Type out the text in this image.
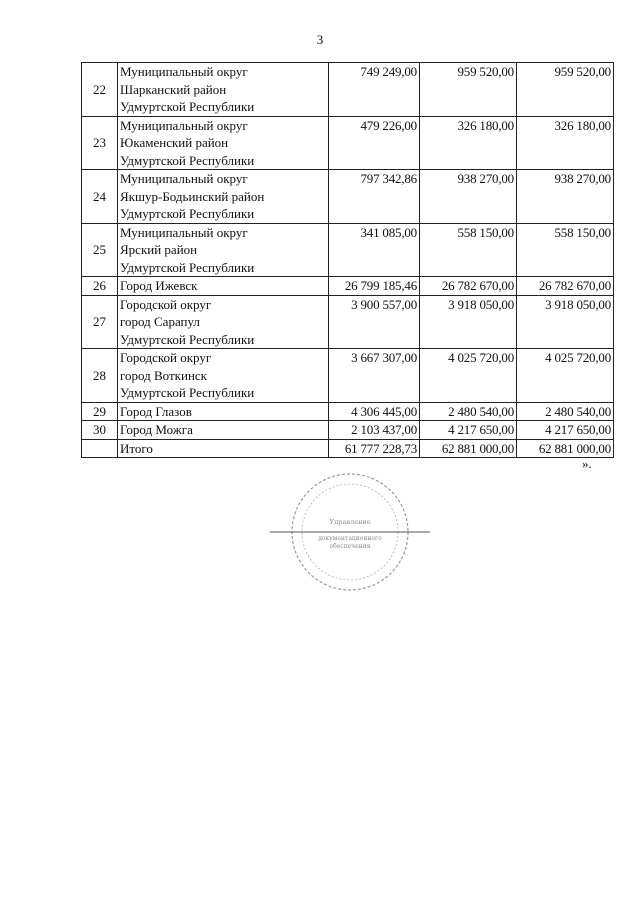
3
22	Муниципальный округ
Шарканский район
Удмуртской Республики	749 249,00	959 520,00	959 520,00
23	Муниципальный округ
Юкаменский район
Удмуртской Республики	479 226,00	326 180,00	326 180,00
24	Муниципальный округ
Якшур-Бодьинский район
Удмуртской Республики	797 342,86	938 270,00	938 270,00
25	Муниципальный округ
Ярский район
Удмуртской Республики	341 085,00	558 150,00	558 150,00
26	Город Ижевск	26 799 185,46	26 782 670,00	26 782 670,00
27	Городской округ
город Сарапул
Удмуртской Республики	3 900 557,00	3 918 050,00	3 918 050,00
28	Городской округ
город Воткинск
Удмуртской Республики	3 667 307,00	4 025 720,00	4 025 720,00
29	Город Глазов	4 306 445,00	2 480 540,00	2 480 540,00
30	Город Можга	2 103 437,00	4 217 650,00	4 217 650,00
	Итого	61 777 228,73	62 881 000,00	62 881 000,00
».
Управление
документационного
обеспечения
